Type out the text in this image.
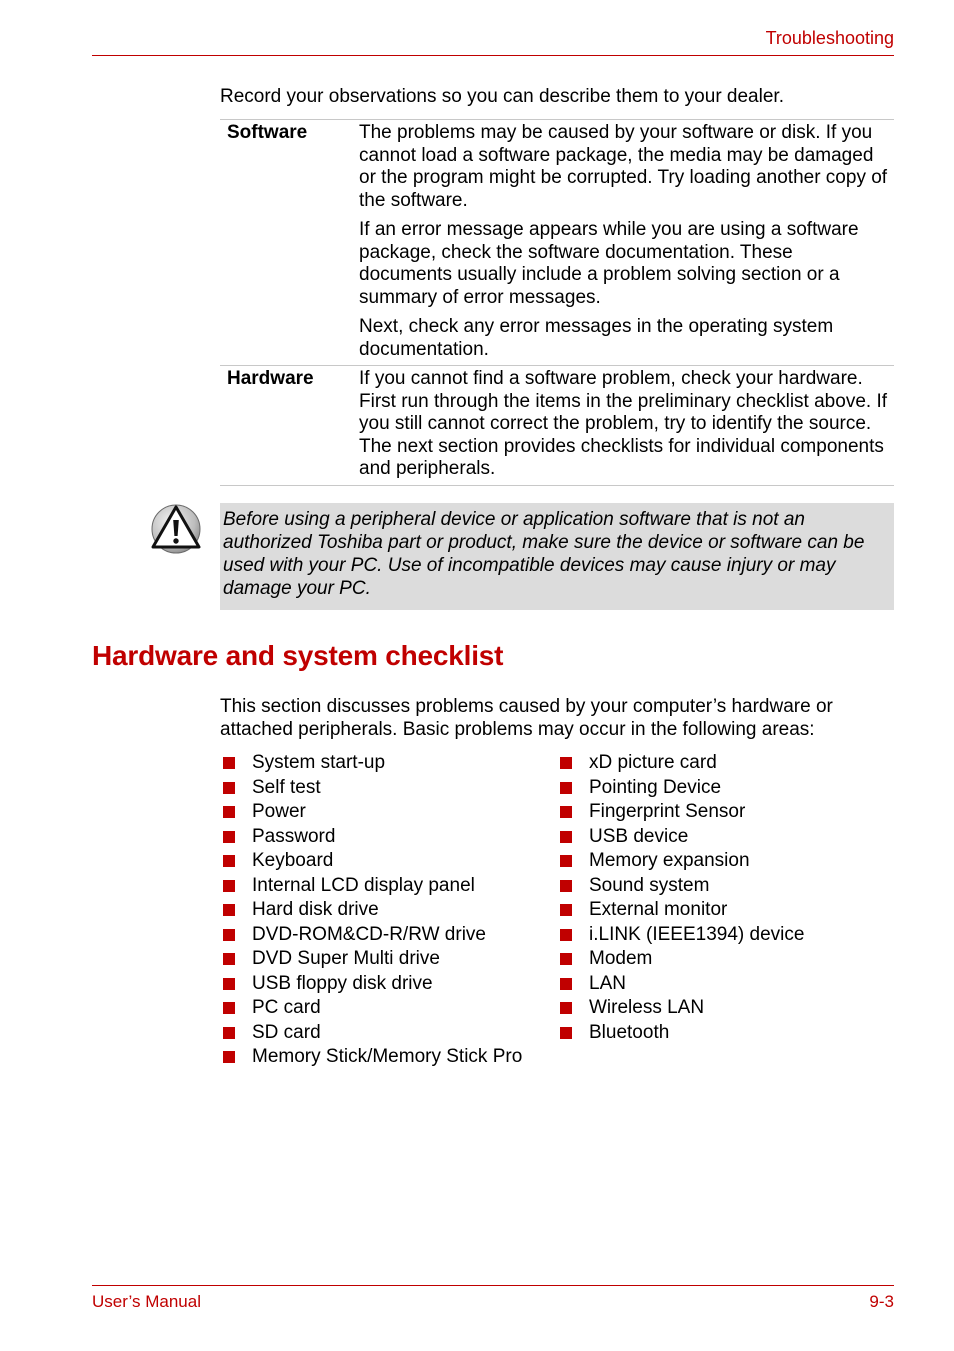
Troubleshooting
Record your observations so you can describe them to your dealer.
Software	The problems may be caused by your software or disk. If you cannot load a software package, the media may be damaged or the program might be corrupted. Try loading another copy of the software.

If an error message appears while you are using a software package, check the software documentation. These documents usually include a problem solving section or a summary of error messages.

Next, check any error messages in the operating system documentation.

Hardware	If you cannot find a software problem, check your hardware. First run through the items in the preliminary checklist above. If you still cannot correct the problem, try to identify the source. The next section provides checklists for individual components and peripherals.

Before using a peripheral device or application software that is not an authorized Toshiba part or product, make sure the device or software can be used with your PC. Use of incompatible devices may cause injury or may damage your PC.
Hardware and system checklist
This section discusses problems caused by your computer’s hardware or attached peripherals. Basic problems may occur in the following areas:
System start-up
Self test
Power
Password
Keyboard
Internal LCD display panel
Hard disk drive
DVD-ROM&CD-R/RW drive
DVD Super Multi drive
USB floppy disk drive
PC card
SD card
Memory Stick/Memory Stick Pro
xD picture card
Pointing Device
Fingerprint Sensor
USB device
Memory expansion
Sound system
External monitor
i.LINK (IEEE1394) device
Modem
LAN
Wireless LAN
Bluetooth
User’s Manual	9-3
